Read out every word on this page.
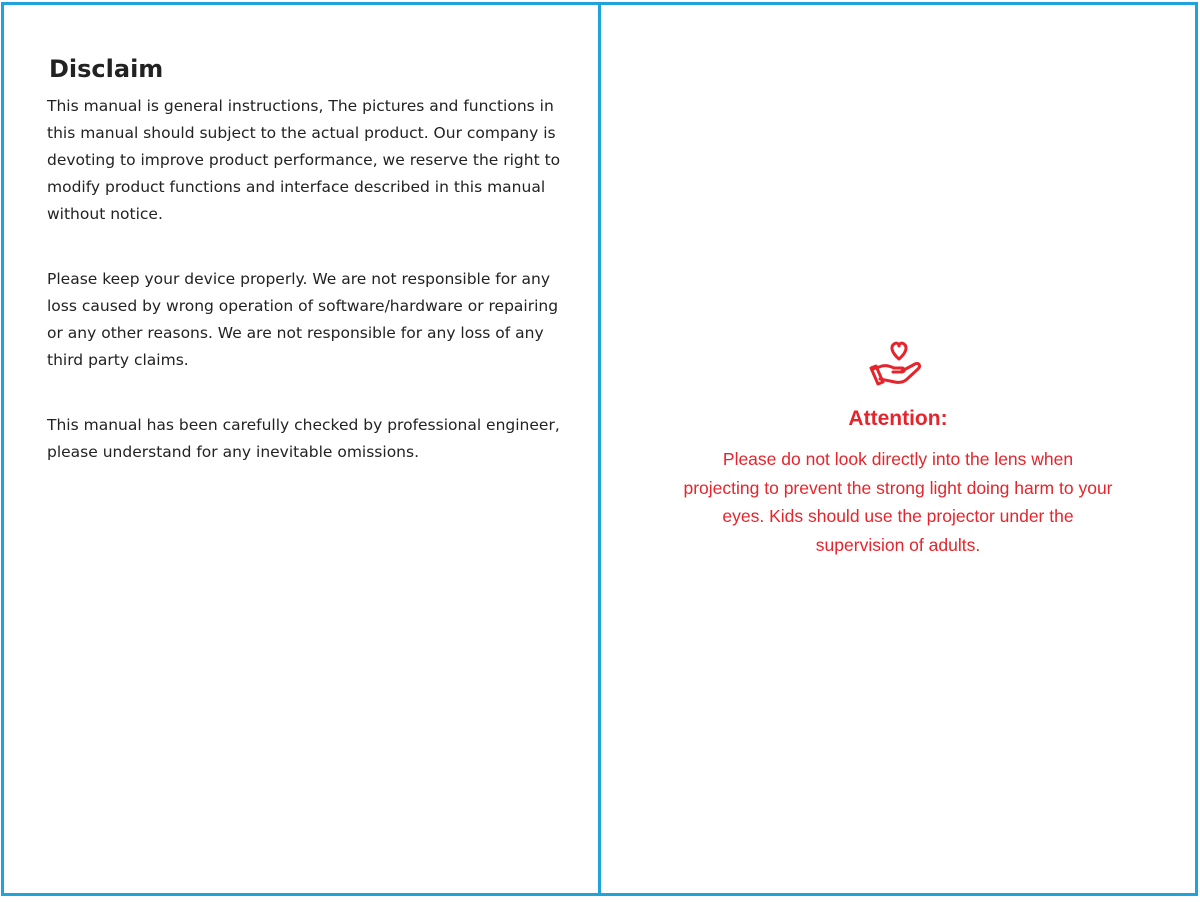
Disclaim

This manual is general instructions, The pictures and functions in this manual should subject to the actual product. Our company is devoting to improve product performance, we reserve the right to modify product functions and interface described in this manual without notice.

Please keep your device properly. We are not responsible for any loss caused by wrong operation of software/hardware or repairing or any other reasons. We are not responsible for any loss of any third party claims.

This manual has been carefully checked by professional engineer, please understand for any inevitable omissions.

Attention:

Please do not look directly into the lens when projecting to prevent the strong light doing harm to your eyes. Kids should use the projector under the supervision of adults.
